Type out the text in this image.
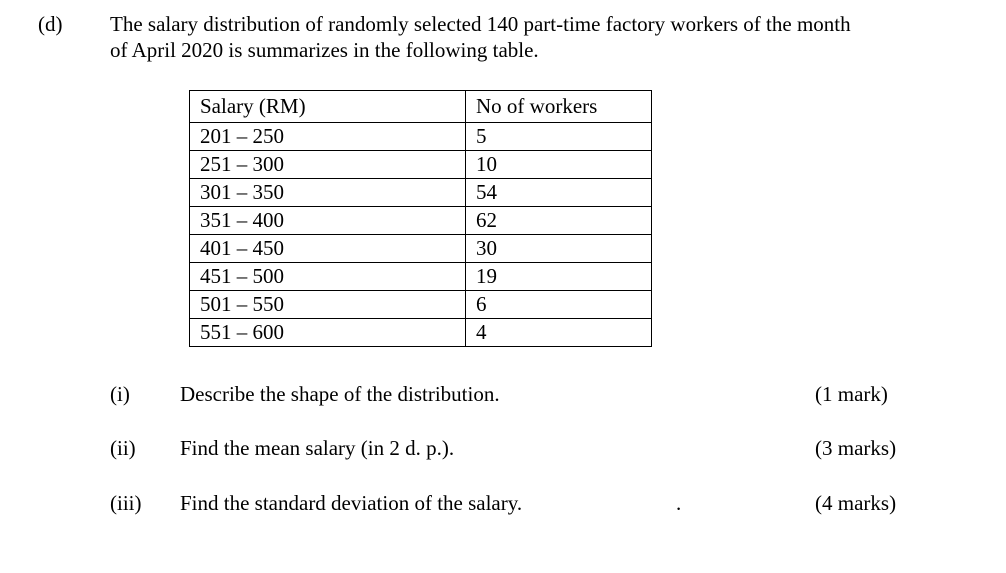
(d) The salary distribution of randomly selected 140 part-time factory workers of the month
of April 2020 is summarizes in the following table.
Salary (RM)	No of workers
201 – 250	5
251 – 300	10
301 – 350	54
351 – 400	62
401 – 450	30
451 – 500	19
501 – 550	6
551 – 600	4
(i) Describe the shape of the distribution.	(1 mark)
(ii) Find the mean salary (in 2 d. p.).	(3 marks)
(iii) Find the standard deviation of the salary.	.	(4 marks)
